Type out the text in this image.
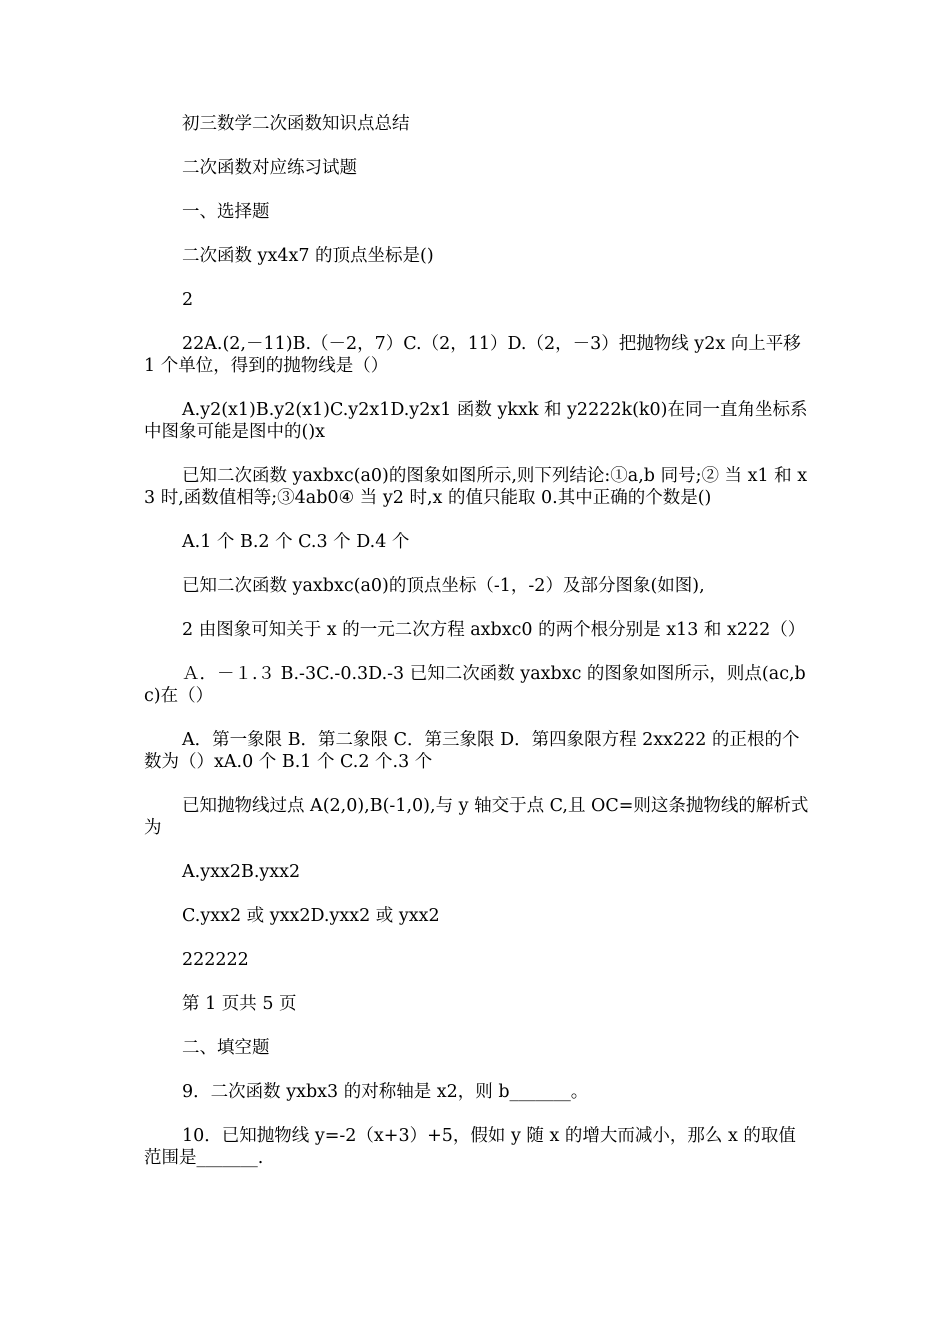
初三数学二次函数知识点总结

二次函数对应练习试题

一、选择题

二次函数 yx4x7 的顶点坐标是()

2

22A.(2,－11)B.（－2，7）C.（2，11）D.（2，－3）把抛物线 y2x 向上平移 1 个单位，得到的抛物线是（）

A.y2(x1)B.y2(x1)C.y2x1D.y2x1 函数 ykxk 和 y2222k(k0)在同一直角坐标系中图象可能是图中的()x

已知二次函数 yaxbxc(a0)的图象如图所示,则下列结论:①a,b 同号;② 当 x1 和 x3 时,函数值相等;③4ab0④ 当 y2 时,x 的值只能取 0.其中正确的个数是()

A.1 个 B.2 个 C.3 个 D.4 个

已知二次函数 yaxbxc(a0)的顶点坐标（-1，-2）及部分图象(如图),

2 由图象可知关于 x 的一元二次方程 axbxc0 的两个根分别是 x13 和 x222（）

Ａ．－１.３ B.-3C.-0.3D.-3 已知二次函数 yaxbxc 的图象如图所示，则点(ac,bc)在（）

A．第一象限 B．第二象限 C．第三象限 D．第四象限方程 2xx222 的正根的个数为（）xA.0 个 B.1 个 C.2 个.3 个

已知抛物线过点 A(2,0),B(-1,0),与 y 轴交于点 C,且 OC=则这条抛物线的解析式为

A.yxx2B.yxx2

C.yxx2 或 yxx2D.yxx2 或 yxx2

222222

第 1 页共 5 页

二、填空题

9．二次函数 yxbx3 的对称轴是 x2，则 b_______。

10．已知抛物线 y=-2（x+3）+5，假如 y 随 x 的增大而减小，那么 x 的取值范围是_______.
